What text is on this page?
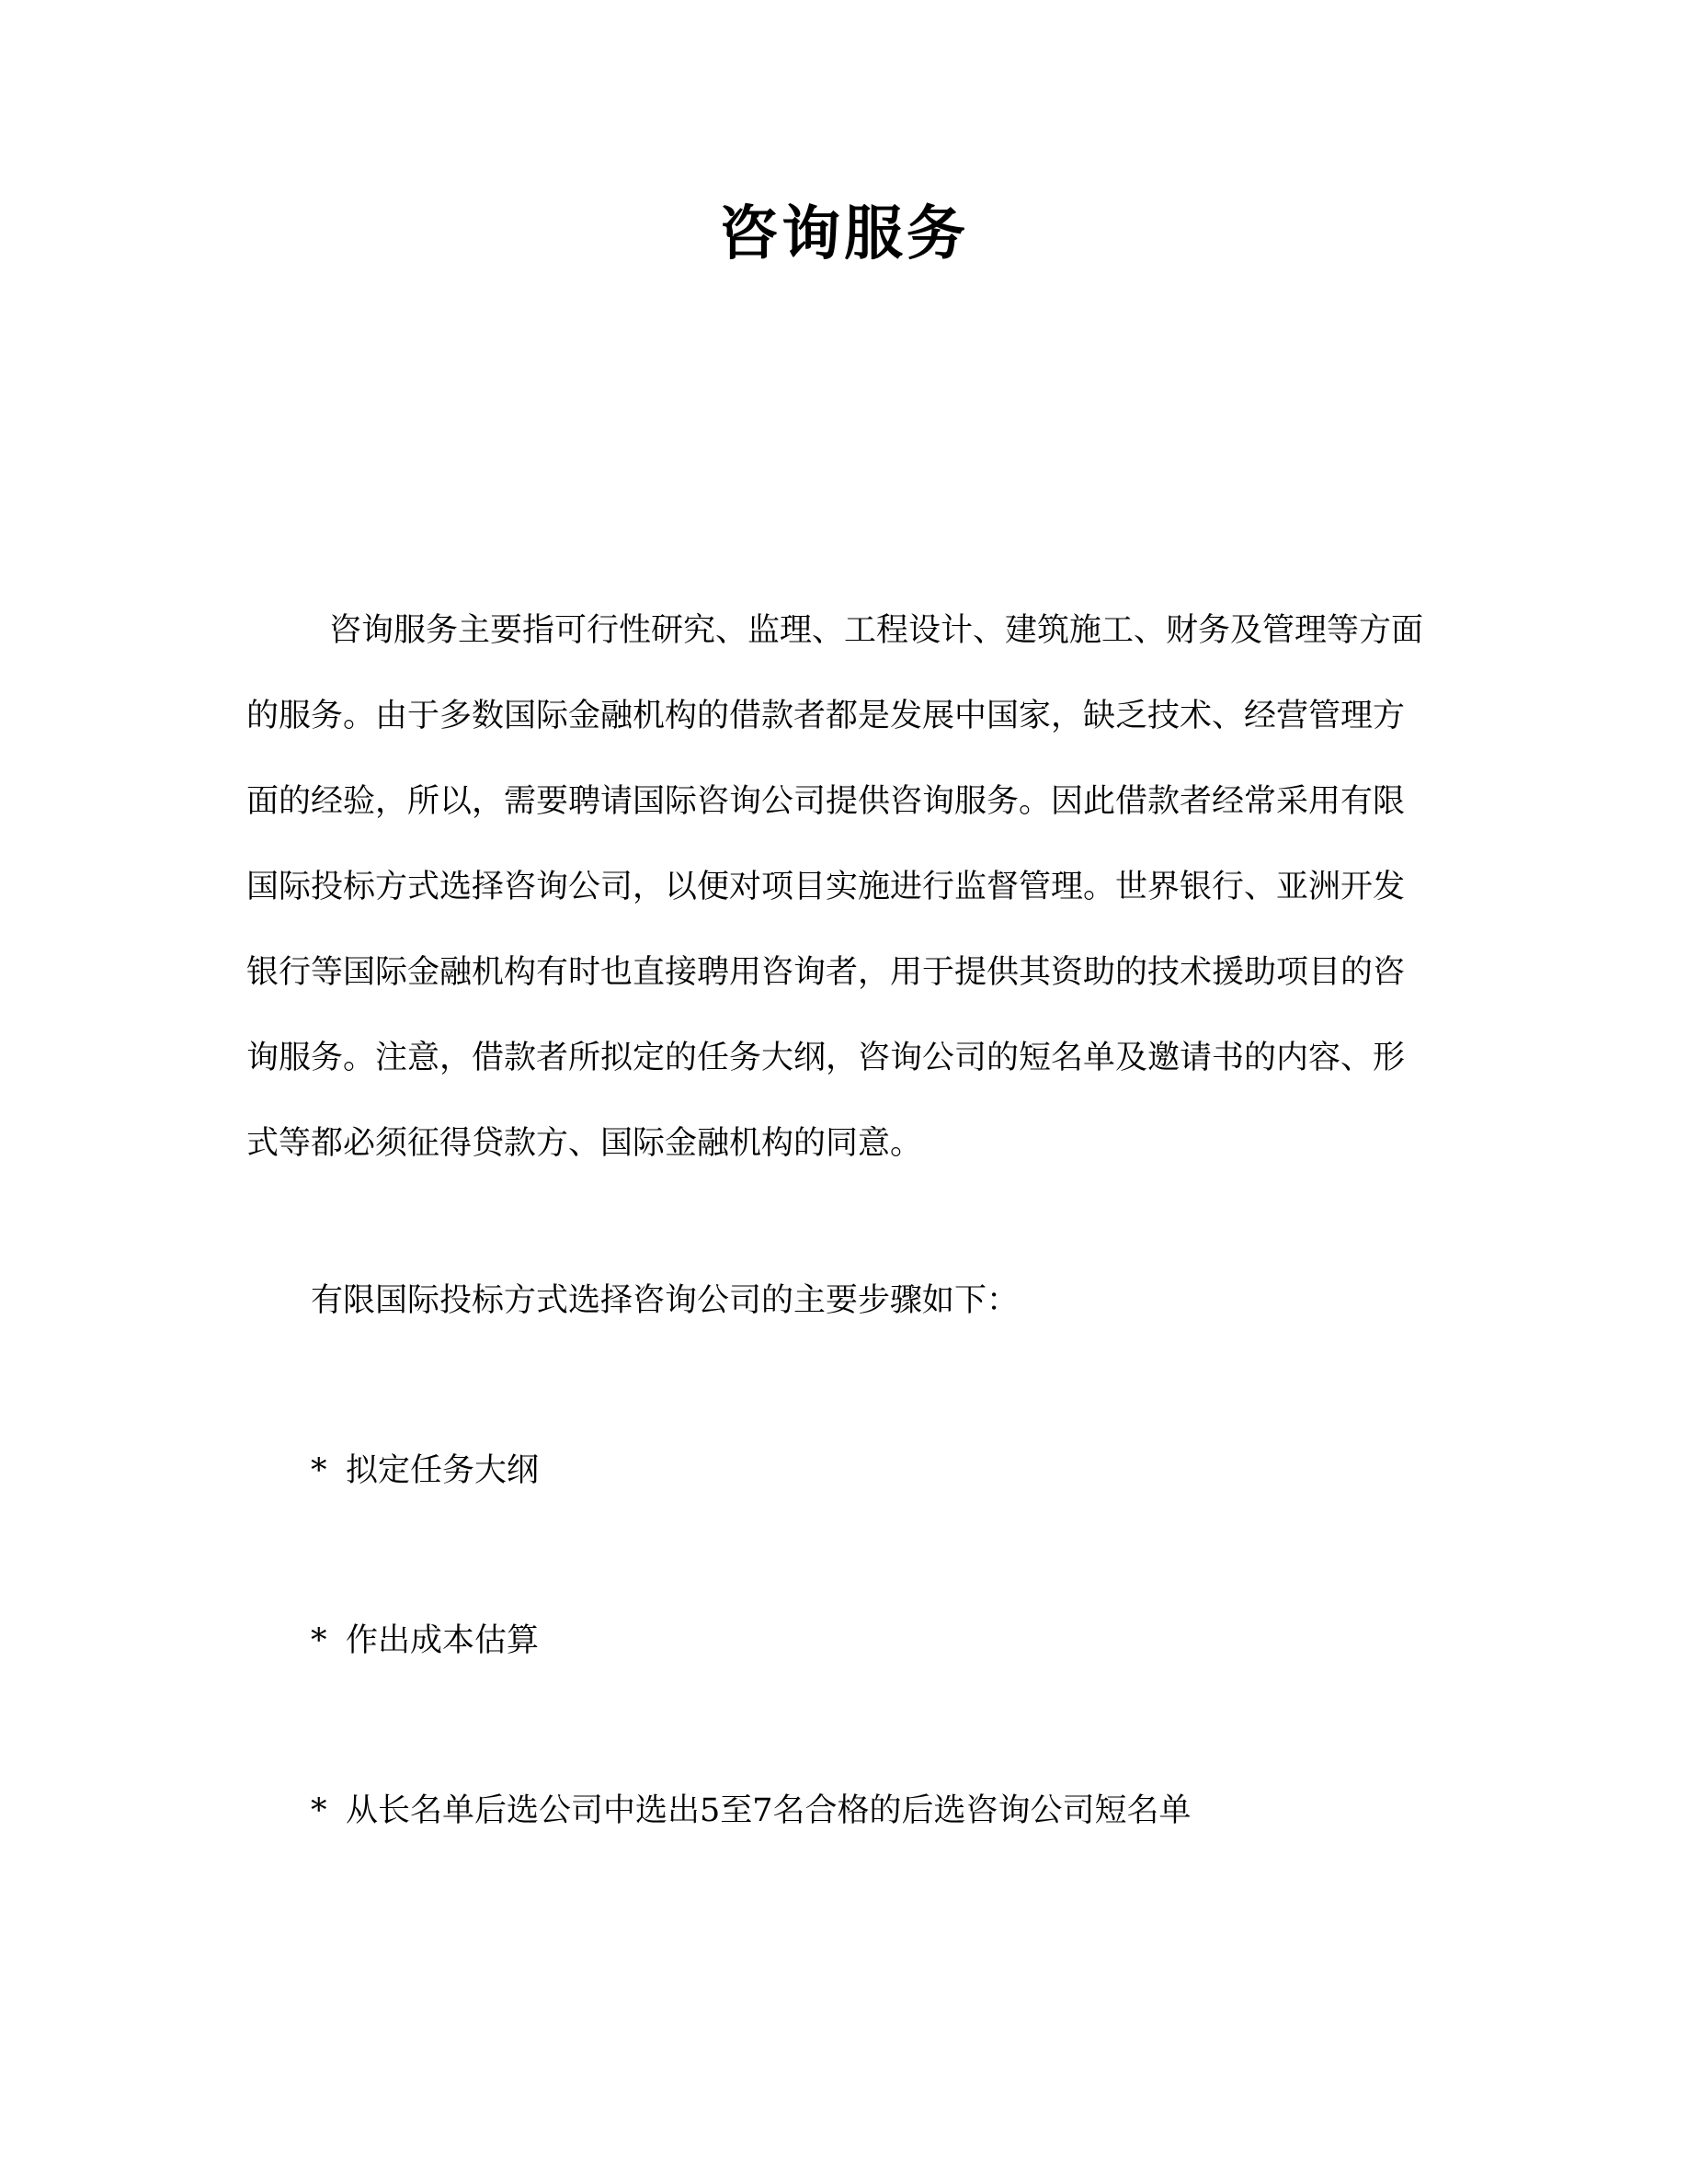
咨询服务
咨询服务主要指可行性研究、监理、工程设计、建筑施工、财务及管理等方面
的服务。由于多数国际金融机构的借款者都是发展中国家，缺乏技术、经营管理方
面的经验，所以，需要聘请国际咨询公司提供咨询服务。因此借款者经常采用有限
国际投标方式选择咨询公司，以便对项目实施进行监督管理。世界银行、亚洲开发
银行等国际金融机构有时也直接聘用咨询者，用于提供其资助的技术援助项目的咨
询服务。注意，借款者所拟定的任务大纲，咨询公司的短名单及邀请书的内容、形
式等都必须征得贷款方、国际金融机构的同意。

有限国际投标方式选择咨询公司的主要步骤如下：

* 拟定任务大纲

* 作出成本估算

* 从长名单后选公司中选出5至7名合格的后选咨询公司短名单
